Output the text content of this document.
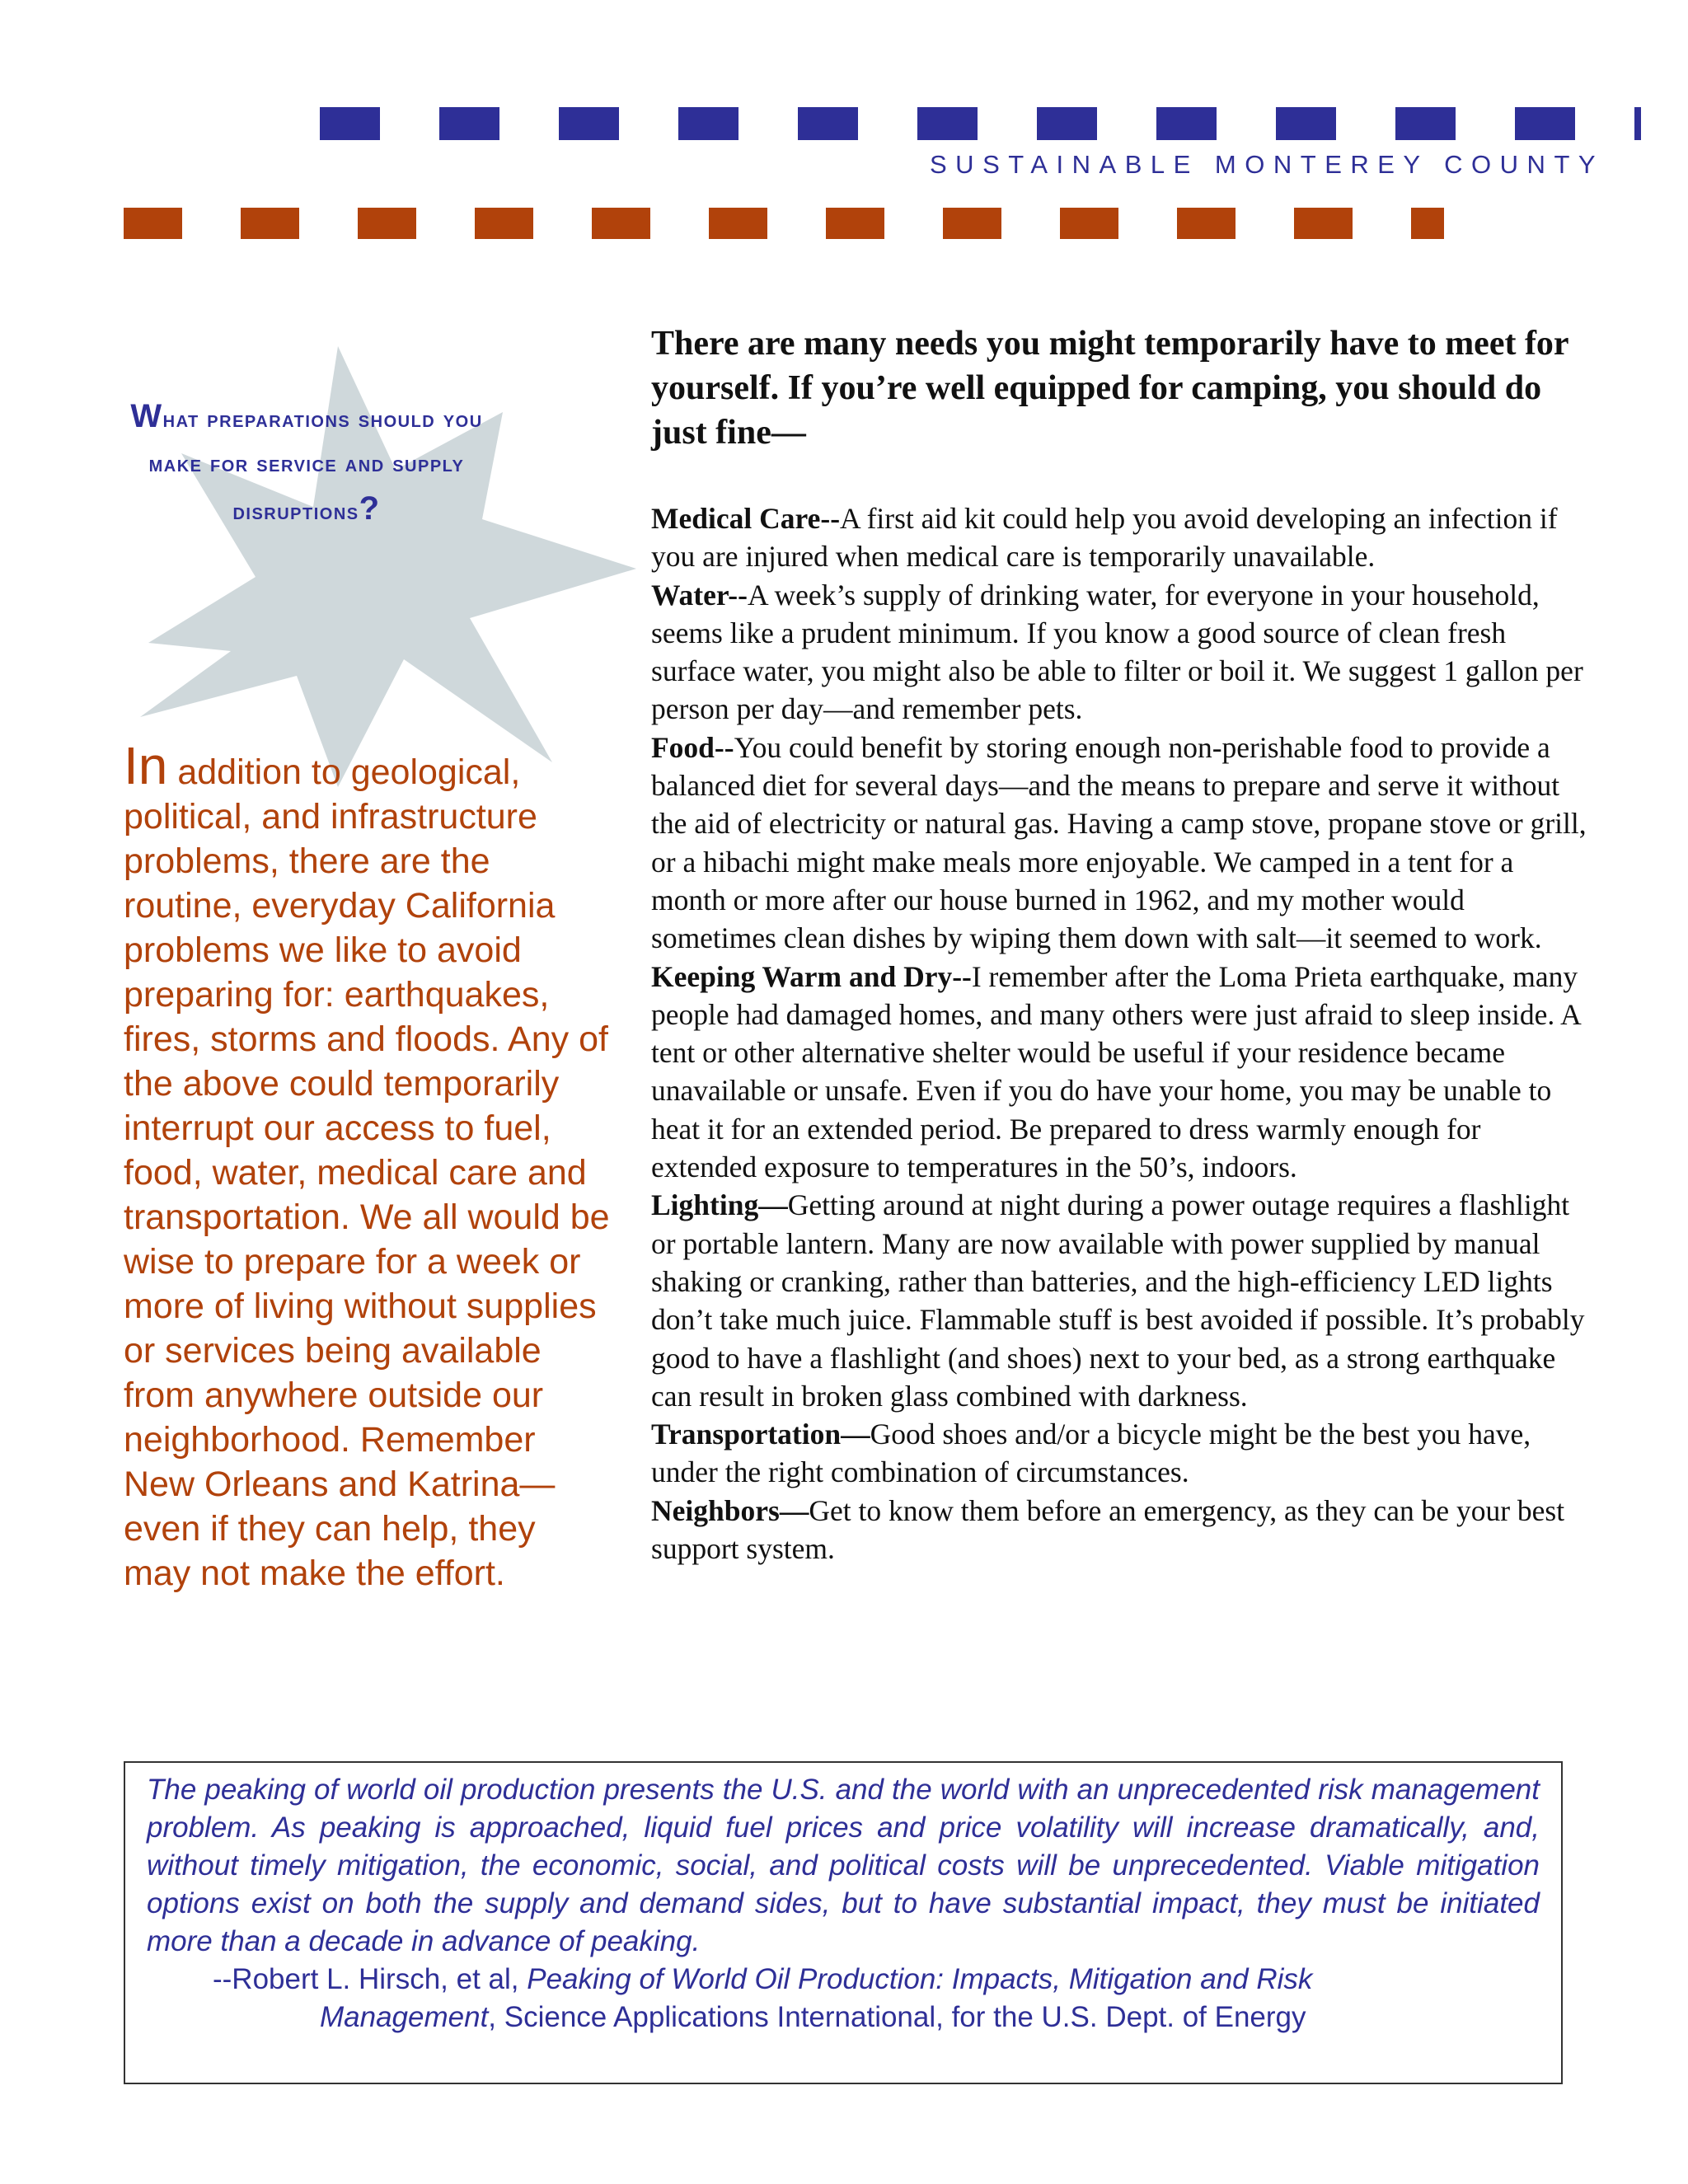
SUSTAINABLE MONTEREY COUNTY
What preparations should you make for service and supply disruptions?
In addition to geological, political, and infrastructure problems, there are the routine, everyday California problems we like to avoid preparing for: earthquakes, fires, storms and floods. Any of the above could temporarily interrupt our access to fuel, food, water, medical care and transportation. We all would be wise to prepare for a week or more of living without supplies or services being available from anywhere outside our neighborhood. Remember New Orleans and Katrina—even if they can help, they may not make the effort.
There are many needs you might temporarily have to meet for yourself. If you’re well equipped for camping, you should do just fine—

Medical Care--A first aid kit could help you avoid developing an infection if you are injured when medical care is temporarily unavailable.

Water--A week’s supply of drinking water, for everyone in your household, seems like a prudent minimum. If you know a good source of clean fresh surface water, you might also be able to filter or boil it. We suggest 1 gallon per person per day—and remember pets.

Food--You could benefit by storing enough non-perishable food to provide a balanced diet for several days—and the means to prepare and serve it without the aid of electricity or natural gas. Having a camp stove, propane stove or grill, or a hibachi might make meals more enjoyable. We camped in a tent for a month or more after our house burned in 1962, and my mother would sometimes clean dishes by wiping them down with salt—it seemed to work.

Keeping Warm and Dry--I remember after the Loma Prieta earthquake, many people had damaged homes, and many others were just afraid to sleep inside. A tent or other alternative shelter would be useful if your residence became unavailable or unsafe. Even if you do have your home, you may be unable to heat it for an extended period. Be prepared to dress warmly enough for extended exposure to temperatures in the 50’s, indoors.

Lighting—Getting around at night during a power outage requires a flashlight or portable lantern. Many are now available with power supplied by manual shaking or cranking, rather than batteries, and the high-efficiency LED lights don’t take much juice. Flammable stuff is best avoided if possible. It’s probably good to have a flashlight (and shoes) next to your bed, as a strong earthquake can result in broken glass combined with darkness.

Transportation—Good shoes and/or a bicycle might be the best you have, under the right combination of circumstances.

Neighbors—Get to know them before an emergency, as they can be your best support system.

The peaking of world oil production presents the U.S. and the world with an unprecedented risk management problem. As peaking is approached, liquid fuel prices and price volatility will increase dramatically, and, without timely mitigation, the economic, social, and political costs will be unprecedented. Viable mitigation options exist on both the supply and demand sides, but to have substantial impact, they must be initiated more than a decade in advance of peaking.

--Robert L. Hirsch, et al, Peaking of World Oil Production: Impacts, Mitigation and Risk

Management, Science Applications International, for the U.S. Dept. of Energy
